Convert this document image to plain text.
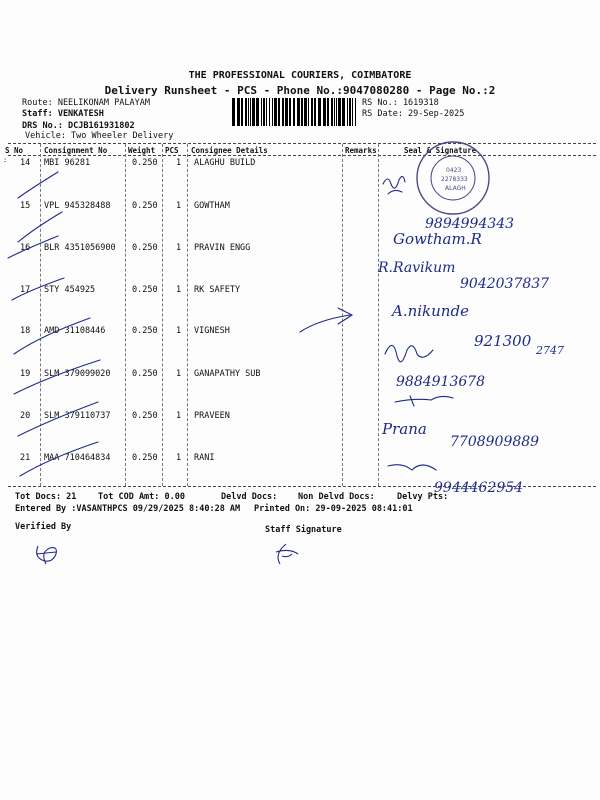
THE PROFESSIONAL COURIERS, COIMBATORE
Delivery Runsheet - PCS - Phone No.:9047080280 - Page No.:2
Route: NEELIKONAM PALAYAM
Staff: VENKATESH
DRS No.: DCJB161931802
Vehicle: Two Wheeler Delivery
RS No.: 1619318
RS Date: 29-Sep-2025
S No	Consignment No	Weight PCS Consignee Details	Remarks	Seal & Signature
: 14 MBI 96281	0.250 1 ALAGHU BUILD
15 VPL 945328488	0.250 1 GOWTHAM
16 BLR 4351056900 0.250 1 PRAVIN ENGG
17 STY 454925	0.250 1 RK SAFETY
18 AMD 31108446	0.250 1 VIGNESH
19 SLM 379099020	0.250 1 GANAPATHY SUB
20 SLM 379110737	0.250 1 PRAVEEN
21 MAA 710464834	0.250 1 RANI
0423
2278333
ALAGH
9894994343
Gowtham.R
R.Ravikum
9042037837
A.nikunde
921300
2747
9884913678
Prana
7708909889
9944462954
Tot Docs: 21	Tot COD Amt: 0.00	Delvd Docs: Non Delvd Docs:	Delvy Pts:
Entered By :VASANTHPCS 09/29/2025 8:40:28 AM Printed On: 29-09-2025 08:41:01
Verified By	Staff Signature
